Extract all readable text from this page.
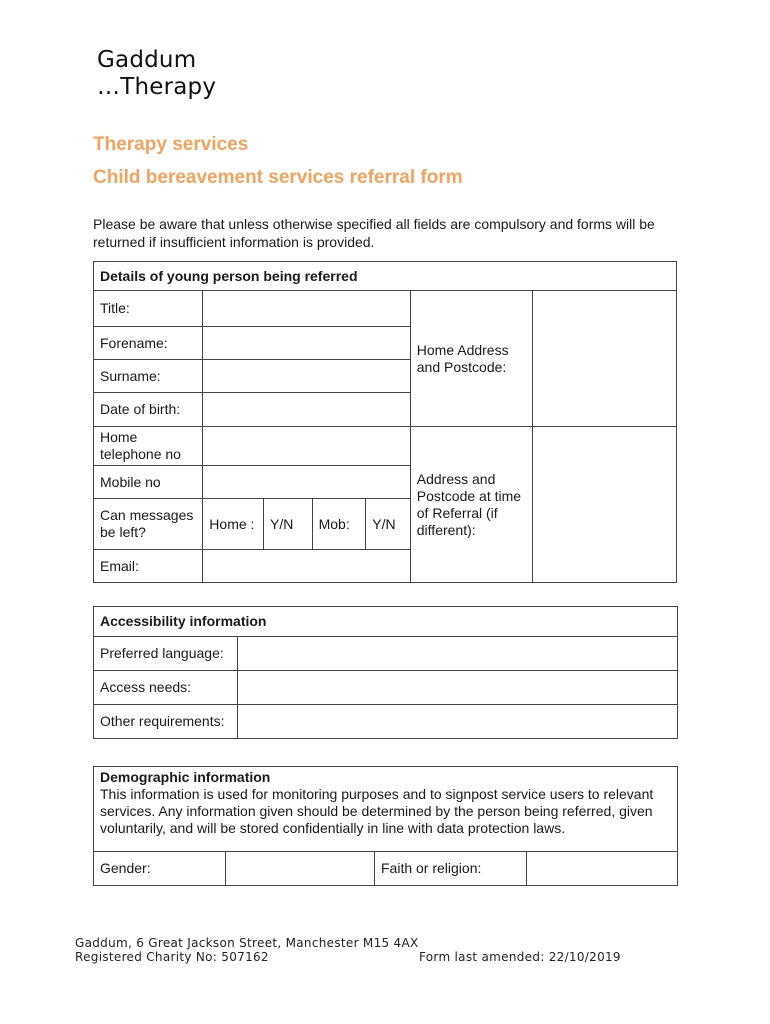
Gaddum
…Therapy
Therapy services
Child bereavement services referral form
Please be aware that unless otherwise specified all fields are compulsory and forms will be returned if insufficient information is provided.
Details of young person being referred						
Title:					Home Address and Postcode:	
Forename:						
Surname:						
Date of birth:						
Home telephone no					Address and Postcode at time of Referral (if different):	
Mobile no						
Can messages be left?	Home :	Y/N	Mob:	Y/N		
Email:						
Accessibility information	
Preferred language:	
Access needs:	
Other requirements:	
Demographic information
This information is used for monitoring purposes and to signpost service users to relevant services. Any information given should be determined by the person being referred, given voluntarily, and will be stored confidentially in line with data protection laws.

Gender:		Faith or religion:	
Gaddum, 6 Great Jackson Street, Manchester M15 4AX
Registered Charity No: 507162	Form last amended: 22/10/2019
